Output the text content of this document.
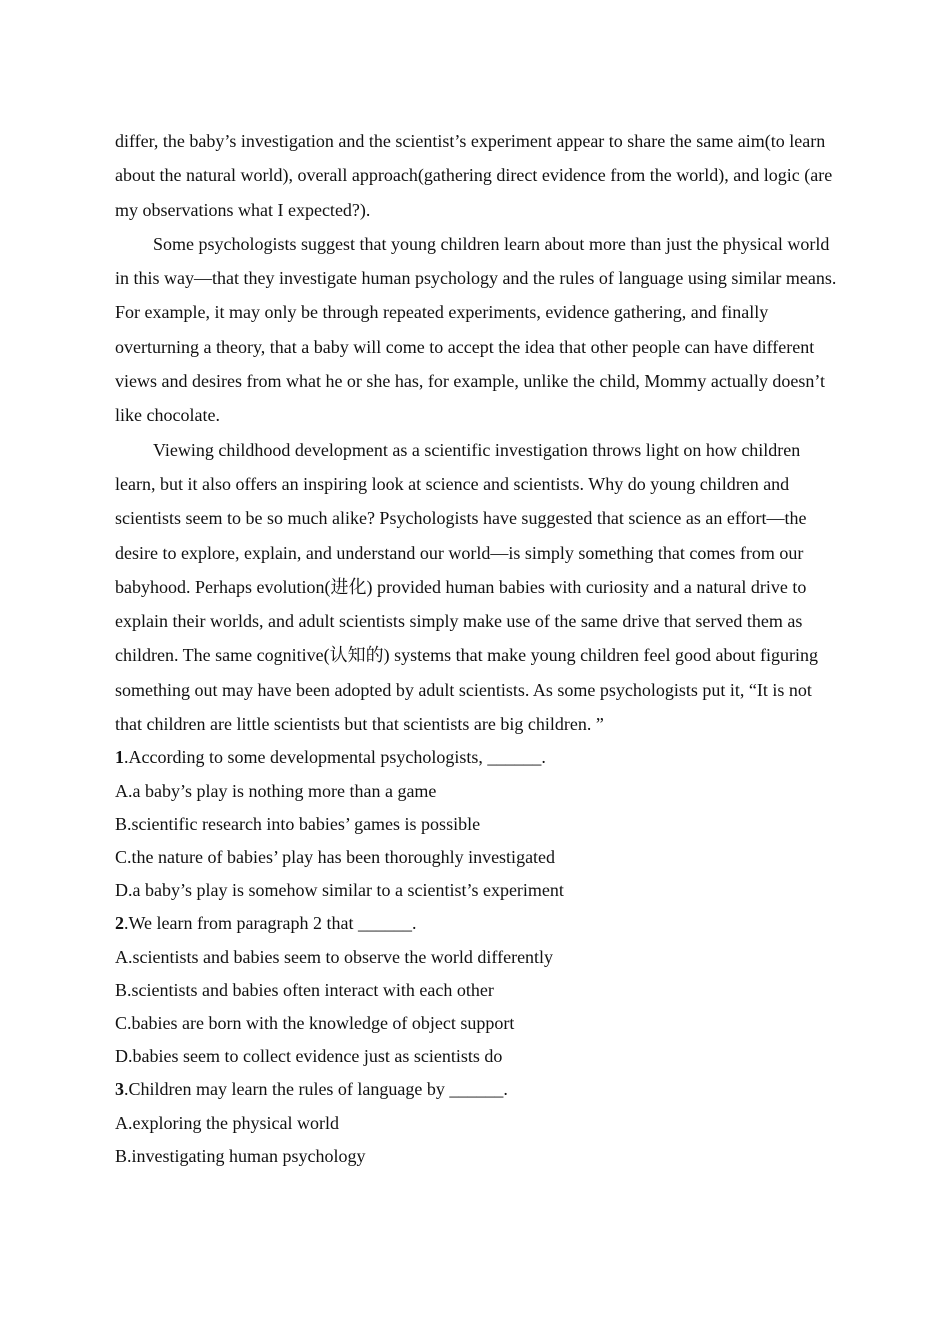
differ, the baby’s investigation and the scientist’s experiment appear to share the same aim(to learn about the natural world), overall approach(gathering direct evidence from the world), and logic (are my observations what I expected?).

Some psychologists suggest that young children learn about more than just the physical world in this way—that they investigate human psychology and the rules of language using similar means. For example, it may only be through repeated experiments, evidence gathering, and finally overturning a theory, that a baby will come to accept the idea that other people can have different views and desires from what he or she has, for example, unlike the child, Mommy actually doesn’t like chocolate.

Viewing childhood development as a scientific investigation throws light on how children learn, but it also offers an inspiring look at science and scientists. Why do young children and scientists seem to be so much alike? Psychologists have suggested that science as an effort—the desire to explore, explain, and understand our world—is simply something that comes from our babyhood. Perhaps evolution(进化) provided human babies with curiosity and a natural drive to explain their worlds, and adult scientists simply make use of the same drive that served them as children. The same cognitive(认知的) systems that make young children feel good about figuring something out may have been adopted by adult scientists. As some psychologists put it, “It is not that children are little scientists but that scientists are big children. ”

1.According to some developmental psychologists, ______.

A.a baby’s play is nothing more than a game

B.scientific research into babies’ games is possible

C.the nature of babies’ play has been thoroughly investigated

D.a baby’s play is somehow similar to a scientist’s experiment

2.We learn from paragraph 2 that ______.

A.scientists and babies seem to observe the world differently

B.scientists and babies often interact with each other

C.babies are born with the knowledge of object support

D.babies seem to collect evidence just as scientists do

3.Children may learn the rules of language by ______.

A.exploring the physical world

B.investigating human psychology
